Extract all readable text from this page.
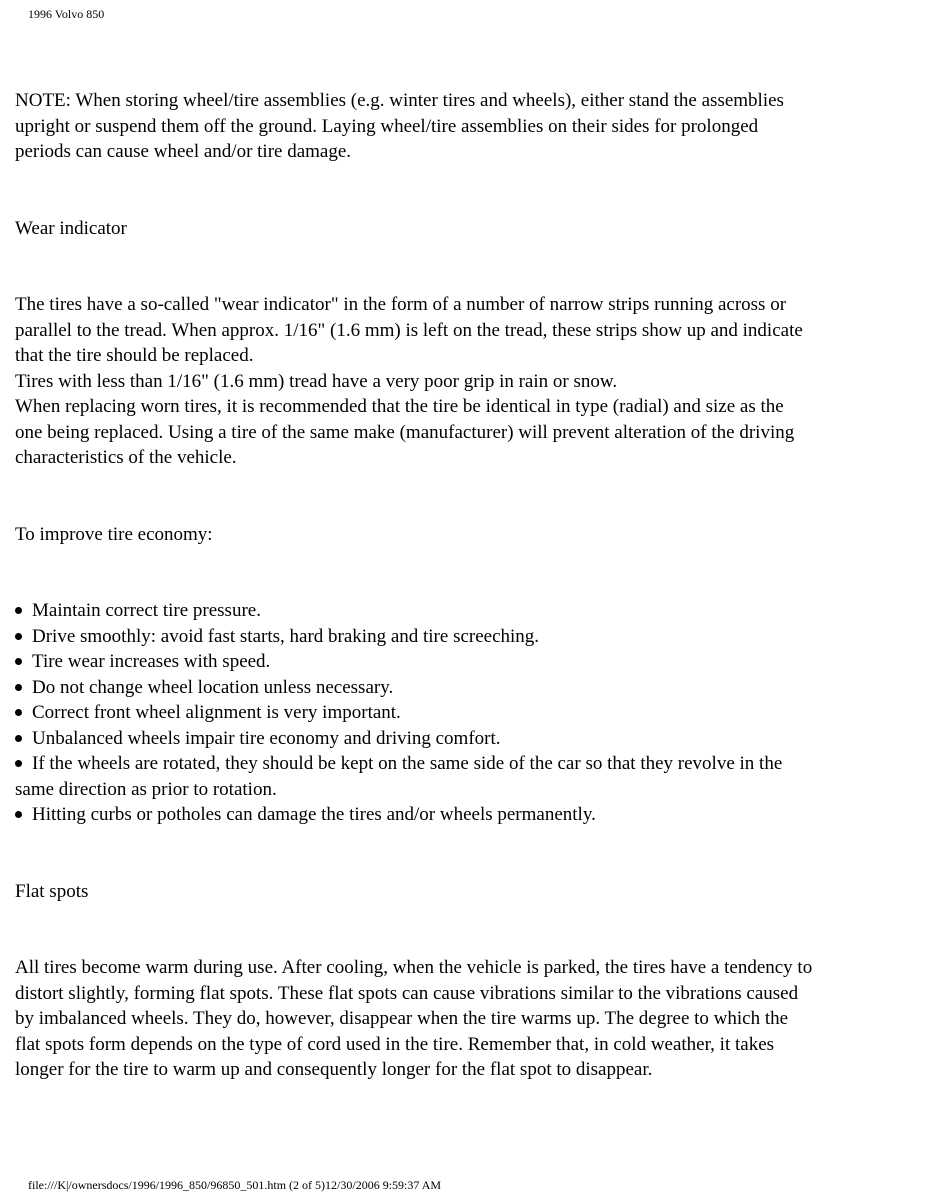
1996 Volvo 850
NOTE: When storing wheel/tire assemblies (e.g. winter tires and wheels), either stand the assemblies
upright or suspend them off the ground. Laying wheel/tire assemblies on their sides for prolonged
periods can cause wheel and/or tire damage.
Wear indicator
The tires have a so-called "wear indicator" in the form of a number of narrow strips running across or
parallel to the tread. When approx. 1/16" (1.6 mm) is left on the tread, these strips show up and indicate
that the tire should be replaced.
Tires with less than 1/16" (1.6 mm) tread have a very poor grip in rain or snow.
When replacing worn tires, it is recommended that the tire be identical in type (radial) and size as the
one being replaced. Using a tire of the same make (manufacturer) will prevent alteration of the driving
characteristics of the vehicle.
To improve tire economy:
Maintain correct tire pressure.
Drive smoothly: avoid fast starts, hard braking and tire screeching.
Tire wear increases with speed.
Do not change wheel location unless necessary.
Correct front wheel alignment is very important.
Unbalanced wheels impair tire economy and driving comfort.
If the wheels are rotated, they should be kept on the same side of the car so that they revolve in the
same direction as prior to rotation.
Hitting curbs or potholes can damage the tires and/or wheels permanently.
Flat spots
All tires become warm during use. After cooling, when the vehicle is parked, the tires have a tendency to
distort slightly, forming flat spots. These flat spots can cause vibrations similar to the vibrations caused
by imbalanced wheels. They do, however, disappear when the tire warms up. The degree to which the
flat spots form depends on the type of cord used in the tire. Remember that, in cold weather, it takes
longer for the tire to warm up and consequently longer for the flat spot to disappear.
file:///K|/ownersdocs/1996/1996_850/96850_501.htm (2 of 5)12/30/2006 9:59:37 AM
